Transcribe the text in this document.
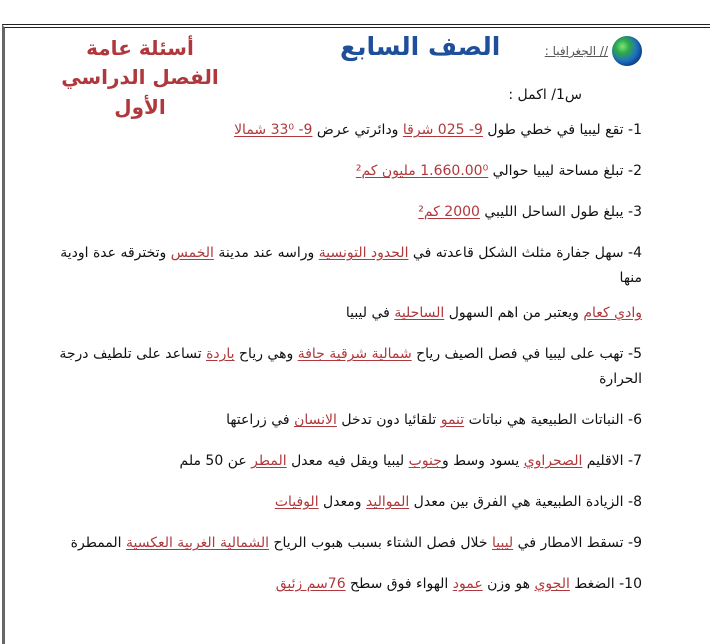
// الجغرافيا :
الصف السابع
أسئلة عامة
الفصل الدراسي الأول	س1/ اكمل :
1- تقع ليبيا في خطي طول 9- 025 شرقا ودائرتي عرض 9- 33⁰ شمالا
2- تبلغ مساحة ليبيا حوالي 1.660.00⁰ مليون كم²
3- يبلغ طول الساحل الليبي 2000 كم²
4- سهل جفارة مثلث الشكل قاعدته في الحدود التونسية وراسه عند مدينة الخمس وتخترقه عدة اودية منها
وادي كعام ويعتبر من اهم السهول الساحلية في ليبيا
5- تهب على ليبيا في فصل الصيف رياح شمالية شرقية جافة وهي رياح باردة تساعد على تلطيف درجة الحرارة
6- النباتات الطبيعية هي نباتات تنمو تلقائيا دون تدخل الانسان في زراعتها
7- الاقليم الصحراوي يسود وسط وجنوب ليبيا ويقل فيه معدل المطر عن 50 ملم
8- الزيادة الطبيعية هي الفرق بين معدل المواليد ومعدل الوفيات
9- تسقط الامطار في ليبيا خلال فصل الشتاء بسبب هبوب الرياح الشمالية الغربية العكسية الممطرة
10- الضغط الجوي هو وزن عمود الهواء فوق سطح 76سم زئبق
